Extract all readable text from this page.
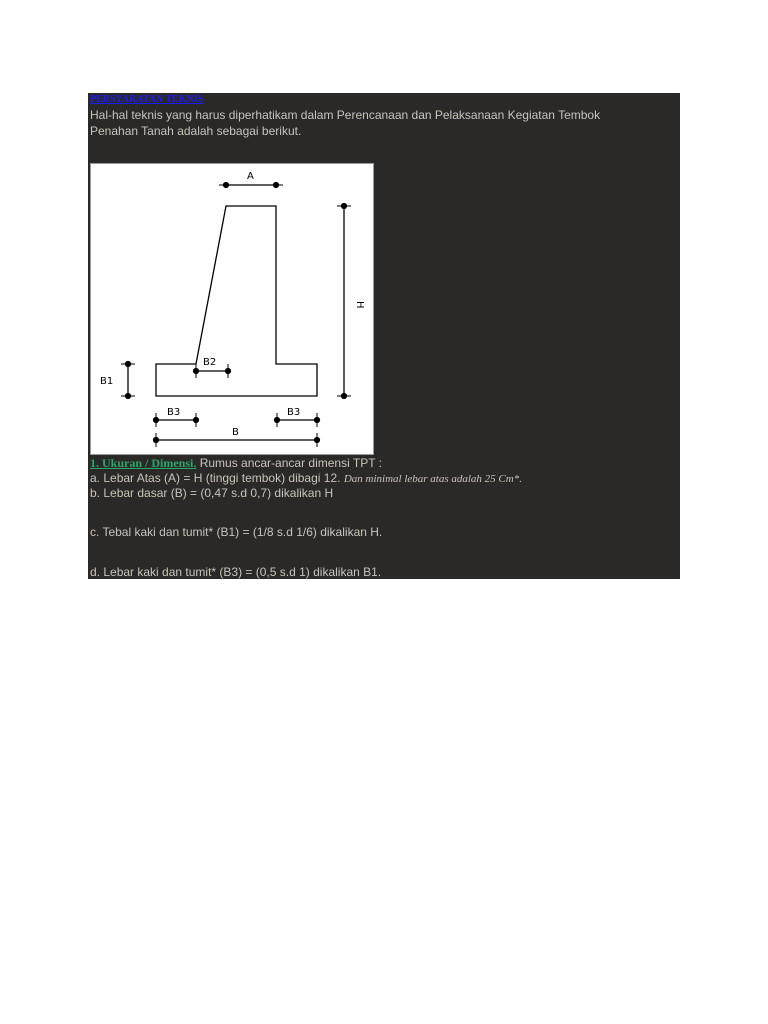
PERSYARATAN TEKNIS
Hal-hal teknis yang harus diperhatikam dalam Perencanaan dan Pelaksanaan Kegiatan Tembok Penahan Tanah adalah sebagai berikut.
A
H
B1
B2
B3	B3
B
1. Ukuran / Dimensi. Rumus ancar-ancar dimensi TPT :
a. Lebar Atas (A) = H (tinggi tembok) dibagi 12. Dan minimal lebar atas adalah 25 Cm*.
b. Lebar dasar (B) = (0,47 s.d 0,7) dikalikan H
c. Tebal kaki dan tumit* (B1) = (1/8 s.d 1/6) dikalikan H.
d. Lebar kaki dan tumit* (B3) = (0,5 s.d 1) dikalikan B1.
